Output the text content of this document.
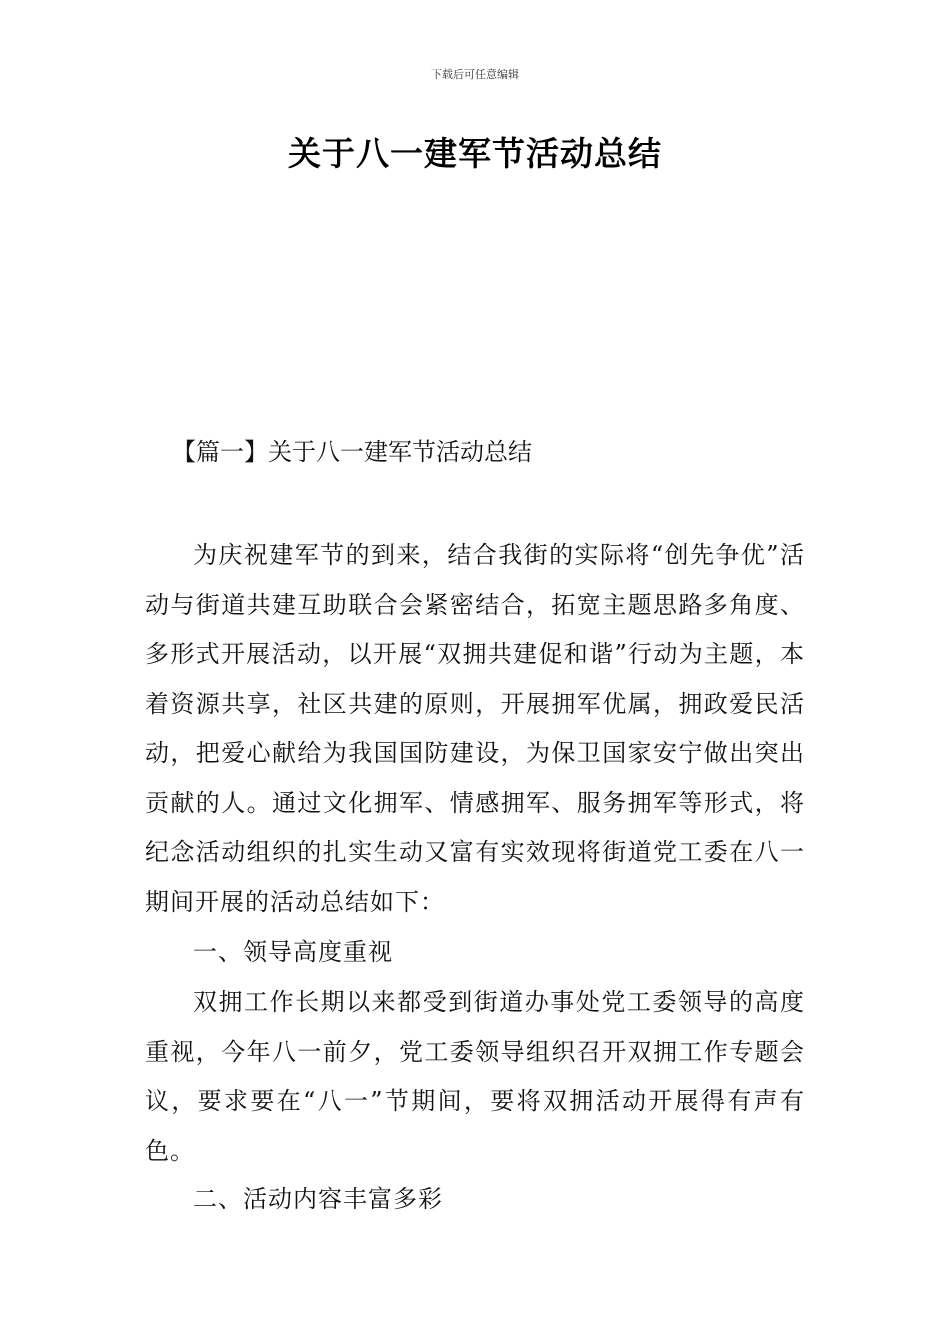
下载后可任意编辑
关于八一建军节活动总结
【篇一】关于八一建军节活动总结

为庆祝建军节的到来，结合我街的实际将“创先争优”活动与街道共建互助联合会紧密结合，拓宽主题思路多角度、多形式开展活动，以开展“双拥共建促和谐”行动为主题，本着资源共享，社区共建的原则，开展拥军优属，拥政爱民活动，把爱心献给为我国国防建设，为保卫国家安宁做出突出贡献的人。通过文化拥军、情感拥军、服务拥军等形式，将纪念活动组织的扎实生动又富有实效现将街道党工委在八一期间开展的活动总结如下：

一、领导高度重视

双拥工作长期以来都受到街道办事处党工委领导的高度重视，今年八一前夕，党工委领导组织召开双拥工作专题会议，要求要在“八一”节期间，要将双拥活动开展得有声有色。

二、活动内容丰富多彩
